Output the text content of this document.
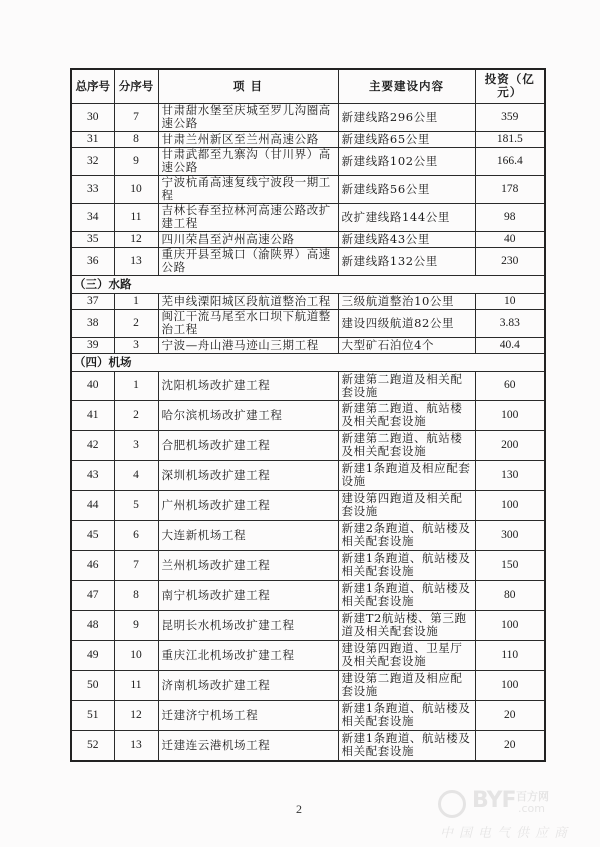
总序号	分序号	项 目	主要建设内容	投资（亿元）
30	7	甘肃甜水堡至庆城至罗儿沟圈高速公路	新建线路296公里	359
31	8	甘肃兰州新区至兰州高速公路	新建线路65公里	181.5
32	9	甘肃武都至九寨沟（甘川界）高速公路	新建线路102公里	166.4
33	10	宁波杭甬高速复线宁波段一期工程	新建线路56公里	178
34	11	吉林长春至拉林河高速公路改扩建工程	改扩建线路144公里	98
35	12	四川荣昌至泸州高速公路	新建线路43公里	40
36	13	重庆开县至城口（渝陕界）高速公路	新建线路132公里	230
（三）水路				
37	1	芜申线溧阳城区段航道整治工程	三级航道整治10公里	10
38	2	闽江干流马尾至水口坝下航道整治工程	建设四级航道82公里	3.83
39	3	宁波—舟山港马迹山三期工程	大型矿石泊位4个	40.4
（四）机场				
40	1	沈阳机场改扩建工程	新建第二跑道及相关配套设施	60
41	2	哈尔滨机场改扩建工程	新建第二跑道、航站楼及相关配套设施	100
42	3	合肥机场改扩建工程	新建第二跑道、航站楼及相关配套设施	200
43	4	深圳机场改扩建工程	新建1条跑道及相应配套设施	130
44	5	广州机场改扩建工程	建设第四跑道及相关配套设施	100
45	6	大连新机场工程	新建2条跑道、航站楼及相关配套设施	300
46	7	兰州机场改扩建工程	新建1条跑道、航站楼及相关配套设施	150
47	8	南宁机场改扩建工程	新建1条跑道、航站楼及相关配套设施	80
48	9	昆明长水机场改扩建工程	新建T2航站楼、第三跑道及相关配套设施	100
49	10	重庆江北机场改扩建工程	建设第四跑道、卫星厅及相关配套设施	110
50	11	济南机场改扩建工程	建设第二跑道及相应配套设施	100
51	12	迁建济宁机场工程	新建1条跑道、航站楼及相关配套设施	20
52	13	迁建连云港机场工程	新建1条跑道、航站楼及相关配套设施	20
2	BYF 百方网
.com
中国电气供应商
